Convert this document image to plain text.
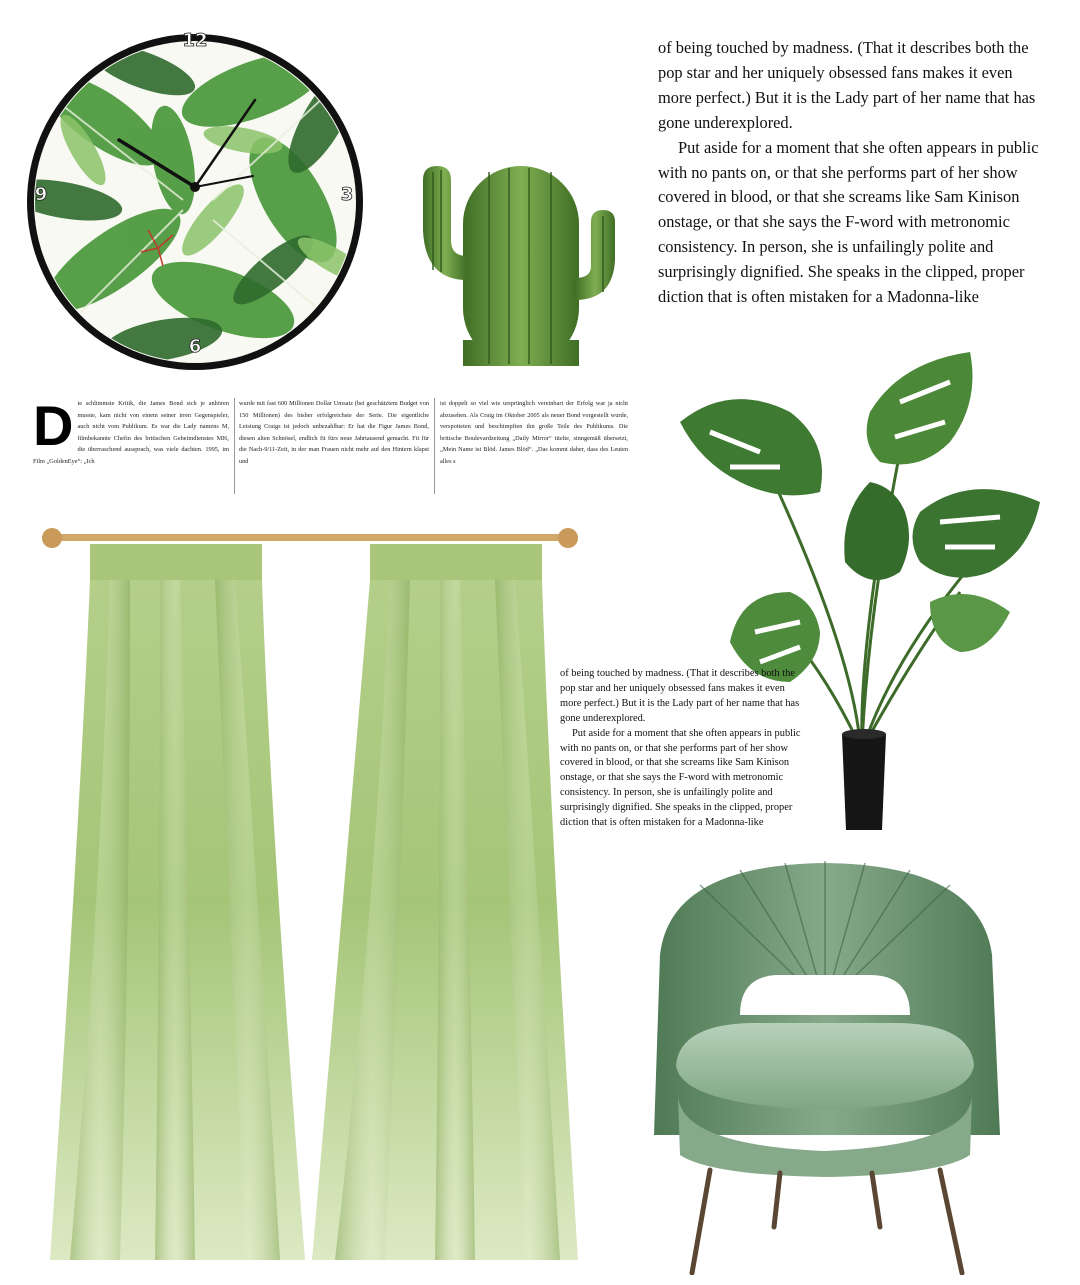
12
3
6
9

of being touched by madness. (That it describes both the pop star and her uniquely obsessed fans makes it even more perfect.) But it is the Lady part of her name that has gone underexplored.

Put aside for a moment that she often appears in public with no pants on, or that she performs part of her show covered in blood, or that she screams like Sam Kinison onstage, or that she says the F-word with metronomic consistency. In person, she is unfailingly polite and surprisingly dignified. She speaks in the clipped, proper diction that is often mistaken for a Madonna-like

D ie schlimmste Kritik, die James Bond sich je anhören musste, kam nicht von einem seiner irren Gegenspieler, auch nicht vom Publikum. Es war die Lady namens M, filmbekannte Chefin des britischen Geheimdienstes MI6, die überraschend aussprach, was viele dachten. 1995, im Film „GoldenEye“: „Ich
wurde mit fast 600 Millionen Dollar Umsatz (bei geschätztem Budget von 150 Millionen) des bisher erfolgreichste der Serie. Die eigentliche Leistung Craigs ist jedoch unbezahlbar: Er hat die Figur James Bond, diesen alten Schnösel, endlich fit fürs neue Jahrtausend gemacht. Fit für die Nach-9/11-Zeit, in der man Frauen nicht mehr auf den Hintern klapst und
ist doppelt so viel wie ursprünglich vereinbart der Erfolg war ja nicht abzusehen. Als Craig im Oktober 2005 als neuer Bond vorgestellt wurde, verspotteten und beschimpften ihn große Teile des Publikums. Die britische Boulevardzeitung „Daily Mirror“ titelte, sinngemäß übersetzt, „Mein Name ist Blöd. James Blöd“. „Das kommt daher, dass des Leuten alles s

of being touched by madness. (That it describes both the pop star and her uniquely obsessed fans makes it even more perfect.) But it is the Lady part of her name that has gone underexplored.

Put aside for a moment that she often appears in public with no pants on, or that she performs part of her show covered in blood, or that she screams like Sam Kinison onstage, or that she says the F-word with metronomic consistency. In person, she is unfailingly polite and surprisingly dignified. She speaks in the clipped, proper diction that is often mistaken for a Madonna-like
